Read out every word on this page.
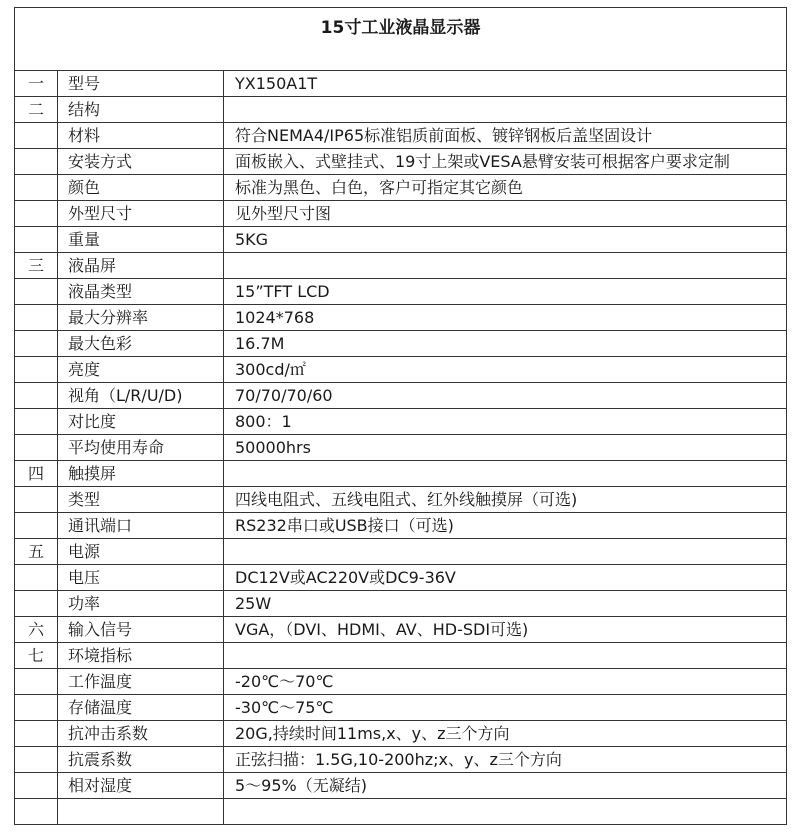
15寸工业液晶显示器		
一	型号	YX150A1T
二	结构	
	材料	符合NEMA4/IP65标准铝质前面板、镀锌钢板后盖坚固设计
	安装方式	面板嵌入、式壁挂式、19寸上架或VESA悬臂安装可根据客户要求定制
	颜色	标准为黑色、白色，客户可指定其它颜色
	外型尺寸	见外型尺寸图
	重量	5KG
三	液晶屏	
	液晶类型	15”TFT LCD
	最大分辨率	1024*768
	最大色彩	16.7M
	亮度	300cd/㎡
	视角（L/R/U/D)	70/70/70/60
	对比度	800：1
	平均使用寿命	50000hrs
四	触摸屏	
	类型	四线电阻式、五线电阻式、红外线触摸屏（可选)
	通讯端口	RS232串口或USB接口（可选)
五	电源	
	电压	DC12V或AC220V或DC9-36V
	功率	25W
六	输入信号	VGA，（DVI、HDMI、AV、HD-SDI可选)
七	环境指标	
	工作温度	-20℃～70℃
	存储温度	-30℃～75℃
	抗冲击系数	20G,持续时间11ms,x、y、z三个方向
	抗震系数	正弦扫描：1.5G,10-200hz;x、y、z三个方向
	相对湿度	5～95%（无凝结)
